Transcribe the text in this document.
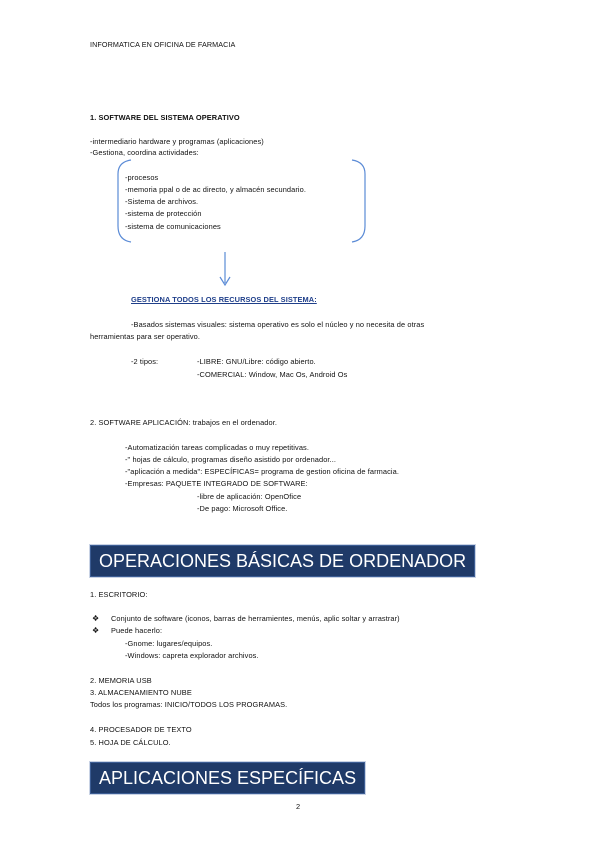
INFORMATICA EN OFICINA DE FARMACIA
1. SOFTWARE DEL SISTEMA OPERATIVO
-intermediario hardware y programas (aplicaciones)
-Gestiona, coordina actividades:
-procesos
-memoria ppal o de ac directo, y almacén secundario.
-Sistema de archivos.
-sistema de protección
-sistema de comunicaciones
GESTIONA TODOS LOS RECURSOS DEL SISTEMA:
-Basados sistemas visuales: sistema operativo es solo el núcleo y no necesita de otras
herramientas para ser operativo.
-2 tipos:	-LIBRE: GNU/Libre: código abierto.
-COMERCIAL: Window, Mac Os, Android Os
2. SOFTWARE APLICACIÓN: trabajos en el ordenador.
-Automatización tareas complicadas o muy repetitivas.
-" hojas de cálculo, programas diseño asistido por ordenador...
-"aplicación a medida": ESPECÍFICAS= programa de gestion oficina de farmacia.
-Empresas: PAQUETE INTEGRADO DE SOFTWARE:
-libre de aplicación: OpenOfice
-De pago: Microsoft Office.
OPERACIONES BÁSICAS DE ORDENADOR
1. ESCRITORIO:
❖ Conjunto de software (iconos, barras de herramientes, menús, aplic soltar y arrastrar)
❖ Puede hacerlo:
-Gnome: lugares/equipos.
-Windows: capreta explorador archivos.
2. MEMORIA USB
3. ALMACENAMIENTO NUBE
Todos los programas: INICIO/TODOS LOS PROGRAMAS.
4. PROCESADOR DE TEXTO
5. HOJA DE CÁLCULO.
APLICACIONES ESPECÍFICAS
2
